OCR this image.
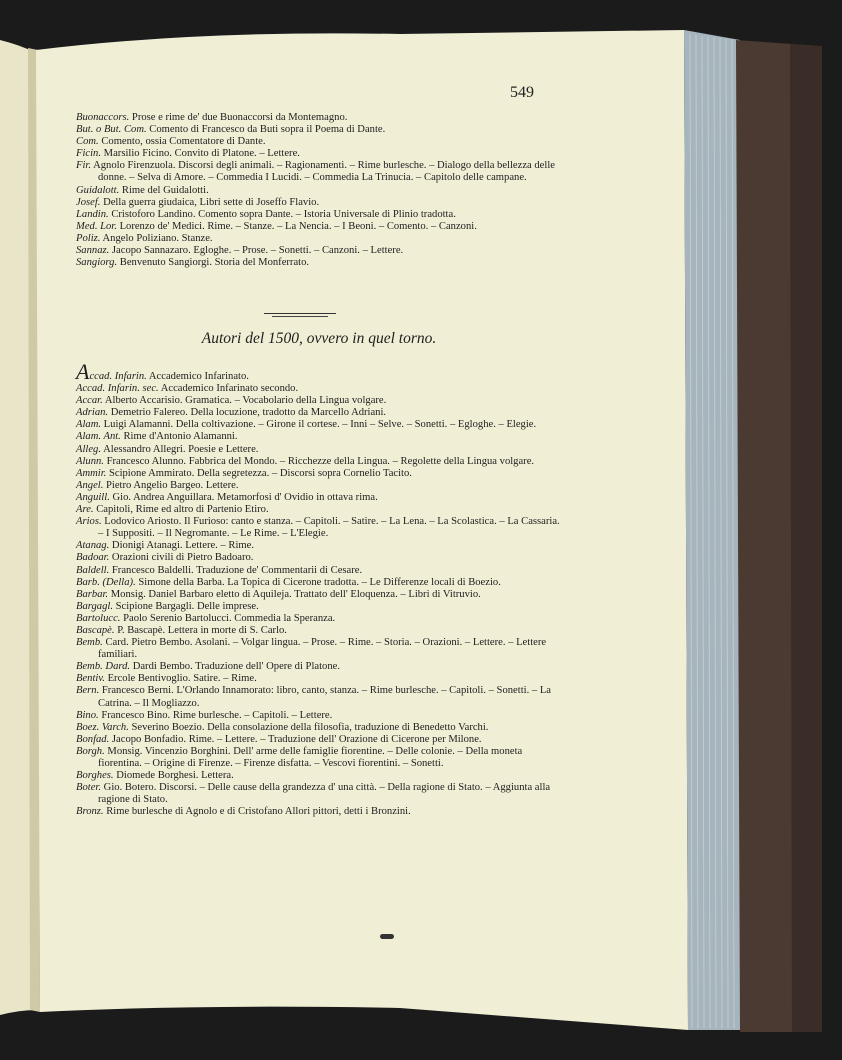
549
Buonaccors. Prose e rime de' due Buonaccorsi da Montemagno.
But. o But. Com. Comento di Francesco da Buti sopra il Poema di Dante.
Com. Comento, ossia Comentatore di Dante.
Ficin. Marsilio Ficino. Convito di Platone. – Lettere.
Fir. Agnolo Firenzuola. Discorsi degli animali. – Ragionamenti. – Rime burlesche. – Dialogo della bellezza delle donne. – Selva di Amore. – Commedia I Lucidi. – Commedia La Trinucia. – Capitolo delle campane.
Guidalott. Rime del Guidalotti.
Josef. Della guerra giudaica, Libri sette di Joseffo Flavio.
Landin. Cristoforo Landino. Comento sopra Dante. – Istoria Universale di Plinio tradotta.
Med. Lor. Lorenzo de' Medici. Rime. – Stanze. – La Nencia. – I Beoni. – Comento. – Canzoni.
Poliz. Angelo Poliziano. Stanze.
Sannaz. Jacopo Sannazaro. Egloghe. – Prose. – Sonetti. – Canzoni. – Lettere.
Sangiorg. Benvenuto Sangiorgi. Storia del Monferrato.
Autori del 1500, ovvero in quel torno.
Accad. Infarin. Accademico Infarinato.
Accad. Infarin. sec. Accademico Infarinato secondo.
Accar. Alberto Accarisio. Gramatica. – Vocabolario della Lingua volgare.
Adrian. Demetrio Falereo. Della locuzione, tradotto da Marcello Adriani.
Alam. Luigi Alamanni. Della coltivazione. – Girone il cortese. – Inni – Selve. – Sonetti. – Egloghe. – Elegie.
Alam. Ant. Rime d'Antonio Alamanni.
Alleg. Alessandro Allegri. Poesie e Lettere.
Alunn. Francesco Alunno. Fabbrica del Mondo. – Ricchezze della Lingua. – Regolette della Lingua volgare.
Ammir. Scipione Ammirato. Della segretezza. – Discorsi sopra Cornelio Tacito.
Angel. Pietro Angelio Bargeo. Lettere.
Anguill. Gio. Andrea Anguillara. Metamorfosi d' Ovidio in ottava rima.
Are. Capitoli, Rime ed altro di Partenio Etiro.
Arios. Lodovico Ariosto. Il Furioso: canto e stanza. – Capitoli. – Satire. – La Lena. – La Scolastica. – La Cassaria. – I Suppositi. – Il Negromante. – Le Rime. – L'Elegie.
Atanag. Dionigi Atanagi. Lettere. – Rime.
Badoar. Orazioni civili di Pietro Badoaro.
Baldell. Francesco Baldelli. Traduzione de' Commentarii di Cesare.
Barb. (Della). Simone della Barba. La Topica di Cicerone tradotta. – Le Differenze locali di Boezio.
Barbar. Monsig. Daniel Barbaro eletto di Aquileja. Trattato dell' Eloquenza. – Libri di Vitruvio.
Bargagl. Scipione Bargagli. Delle imprese.
Bartolucc. Paolo Serenio Bartolucci. Commedia la Speranza.
Bascapè. P. Bascapè. Lettera in morte di S. Carlo.
Bemb. Card. Pietro Bembo. Asolani. – Volgar lingua. – Prose. – Rime. – Storia. – Orazioni. – Lettere. – Lettere familiari.
Bemb. Dard. Dardi Bembo. Traduzione dell' Opere di Platone.
Bentiv. Ercole Bentivoglio. Satire. – Rime.
Bern. Francesco Berni. L'Orlando Innamorato: libro, canto, stanza. – Rime burlesche. – Capitoli. – Sonetti. – La Catrina. – Il Mogliazzo.
Bino. Francesco Bino. Rime burlesche. – Capitoli. – Lettere.
Boez. Varch. Severino Boezio. Della consolazione della filosofia, traduzione di Benedetto Varchi.
Bonfad. Jacopo Bonfadio. Rime. – Lettere. – Traduzione dell' Orazione di Cicerone per Milone.
Borgh. Monsig. Vincenzio Borghini. Dell' arme delle famiglie fiorentine. – Delle colonie. – Della moneta fiorentina. – Origine di Firenze. – Firenze disfatta. – Vescovi fiorentini. – Sonetti.
Borghes. Diomede Borghesi. Lettera.
Boter. Gio. Botero. Discorsi. – Delle cause della grandezza d' una città. – Della ragione di Stato. – Aggiunta alla ragione di Stato.
Bronz. Rime burlesche di Agnolo e di Cristofano Allori pittori, detti i Bronzini.
